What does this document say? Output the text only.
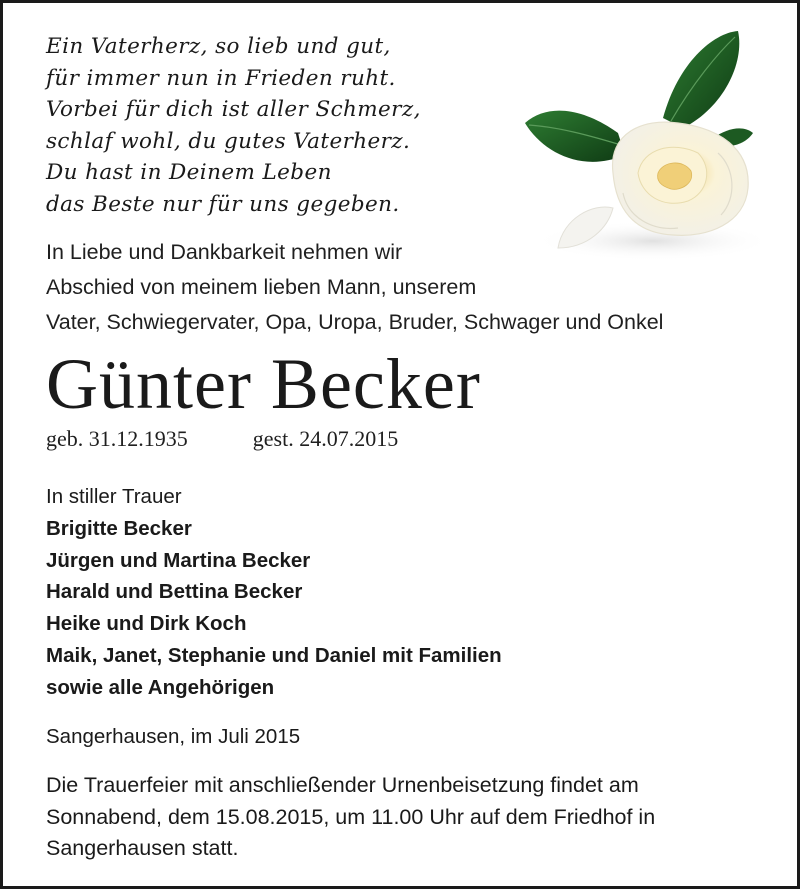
Ein Vaterherz, so lieb und gut,
für immer nun in Frieden ruht.
Vorbei für dich ist aller Schmerz,
schlaf wohl, du gutes Vaterherz.
Du hast in Deinem Leben
das Beste nur für uns gegeben.
In Liebe und Dankbarkeit nehmen wir
Abschied von meinem lieben Mann, unserem
Vater, Schwiegervater, Opa, Uropa, Bruder, Schwager und Onkel
Günter Becker
geb. 31.12.1935	gest. 24.07.2015
In stiller Trauer
Brigitte Becker
Jürgen und Martina Becker
Harald und Bettina Becker
Heike und Dirk Koch
Maik, Janet, Stephanie und Daniel mit Familien
sowie alle Angehörigen
Sangerhausen, im Juli 2015
Die Trauerfeier mit anschließender Urnenbeisetzung findet am
Sonnabend, dem 15.08.2015, um 11.00 Uhr auf dem Friedhof in
Sangerhausen statt.
